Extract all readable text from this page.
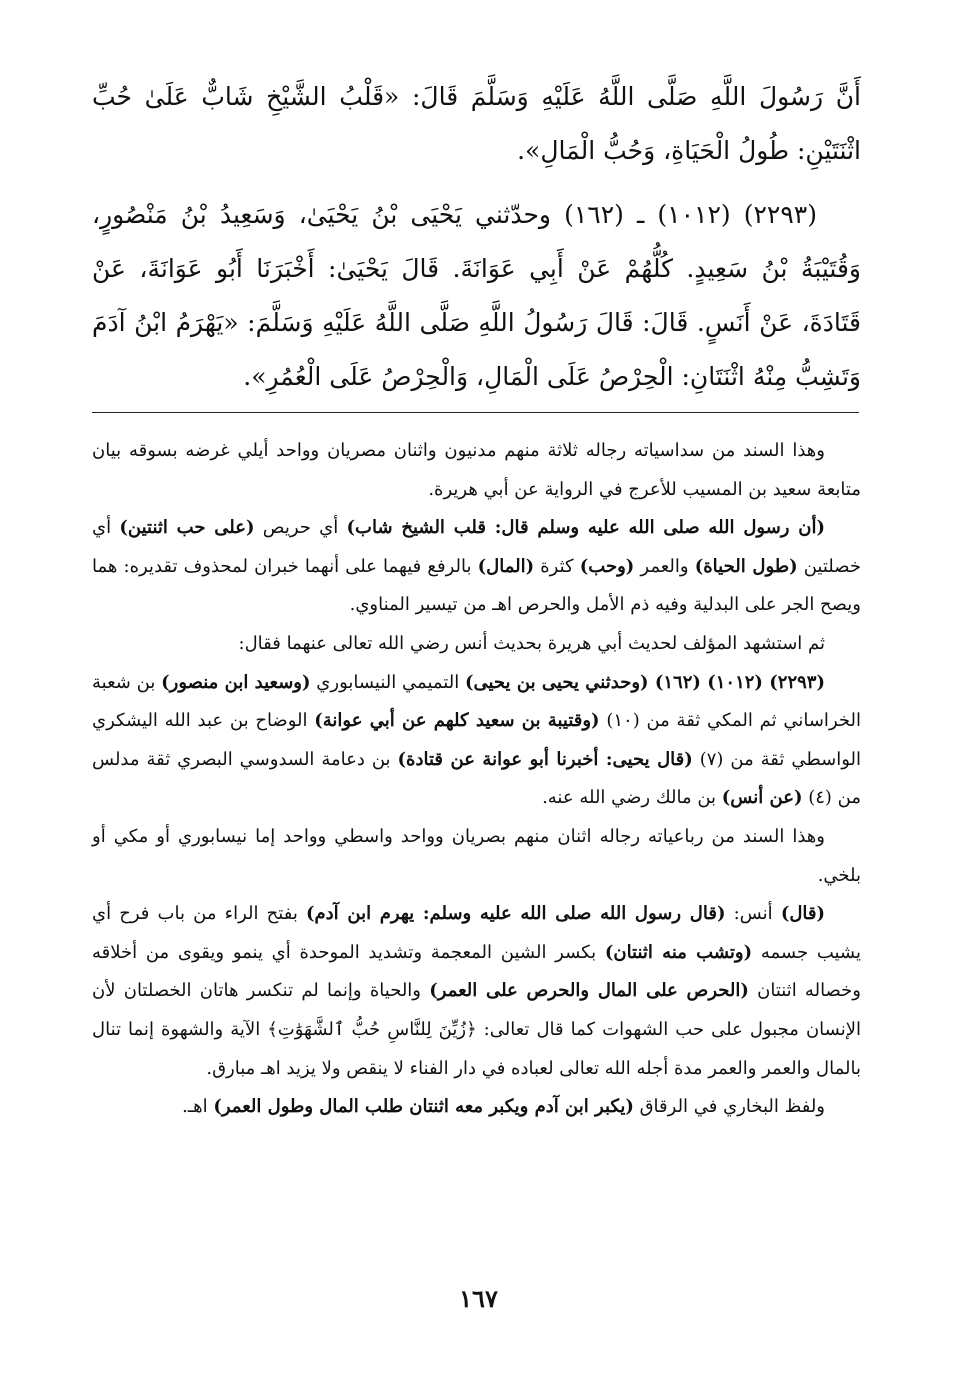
أَنَّ رَسُولَ اللَّهِ صَلَّى اللَّهُ عَلَيْهِ وَسَلَّمَ قَالَ: «قَلْبُ الشَّيْخِ شَابٌّ عَلَىٰ حُبِّ اثْنَتَيْنِ: طُولُ الْحَيَاةِ، وَحُبُّ الْمَالِ».

(٢٢٩٣) (١٠١٢) ـ (١٦٢) وحدّثني يَحْيَى بْنُ يَحْيَىٰ، وَسَعِيدُ بْنُ مَنْصُورٍ، وَقُتَيْبَةُ بْنُ سَعِيدٍ. كُلُّهُمْ عَنْ أَبِي عَوَانَةَ. قَالَ يَحْيَىٰ: أَخْبَرَنَا أَبُو عَوَانَةَ، عَنْ قَتَادَةَ، عَنْ أَنَسٍ. قَالَ: قَالَ رَسُولُ اللَّهِ صَلَّى اللَّهُ عَلَيْهِ وَسَلَّمَ: «يَهْرَمُ ابْنُ آدَمَ وَتَشِبُّ مِنْهُ اثْنَتَانِ: الْحِرْصُ عَلَى الْمَالِ، وَالْحِرْصُ عَلَى الْعُمُرِ».

وهذا السند من سداسياته رجاله ثلاثة منهم مدنيون واثنان مصريان وواحد أيلي غرضه بسوقه بيان متابعة سعيد بن المسيب للأعرج في الرواية عن أبي هريرة.

(أن رسول الله صلى الله عليه وسلم قال: قلب الشيخ شاب) أي حريص (على حب اثنتين) أي خصلتين (طول الحياة) والعمر (وحب) كثرة (المال) بالرفع فيهما على أنهما خبران لمحذوف تقديره: هما ويصح الجر على البدلية وفيه ذم الأمل والحرص اهـ من تيسير المناوي.

ثم استشهد المؤلف لحديث أبي هريرة بحديث أنس رضي الله تعالى عنهما فقال:

(٢٢٩٣) (١٠١٢) (١٦٢) (وحدثني يحيى بن يحيى) التميمي النيسابوري (وسعيد ابن منصور) بن شعبة الخراساني ثم المكي ثقة من (١٠) (وقتيبة بن سعيد كلهم عن أبي عوانة) الوضاح بن عبد الله اليشكري الواسطي ثقة من (٧) (قال يحيى: أخبرنا أبو عوانة عن قتادة) بن دعامة السدوسي البصري ثقة مدلس من (٤) (عن أنس) بن مالك رضي الله عنه.

وهذا السند من رباعياته رجاله اثنان منهم بصريان وواحد واسطي وواحد إما نيسابوري أو مكي أو بلخي.

(قال) أنس: (قال رسول الله صلى الله عليه وسلم: يهرم ابن آدم) بفتح الراء من باب فرح أي يشيب جسمه (وتشب منه اثنتان) بكسر الشين المعجمة وتشديد الموحدة أي ينمو ويقوى من أخلاقه وخصاله اثنتان (الحرص على المال والحرص على العمر) والحياة وإنما لم تنكسر هاتان الخصلتان لأن الإنسان مجبول على حب الشهوات كما قال تعالى: ﴿زُيِّنَ لِلنَّاسِ حُبُّ ٱلشَّهَوَٰتِ﴾ الآية والشهوة إنما تنال بالمال والعمر والعمر مدة أجله الله تعالى لعباده في دار الفناء لا ينقص ولا يزيد اهـ مبارق.

ولفظ البخاري في الرقاق (يكبر ابن آدم ويكبر معه اثنتان طلب المال وطول العمر) اهـ.

١٦٧
